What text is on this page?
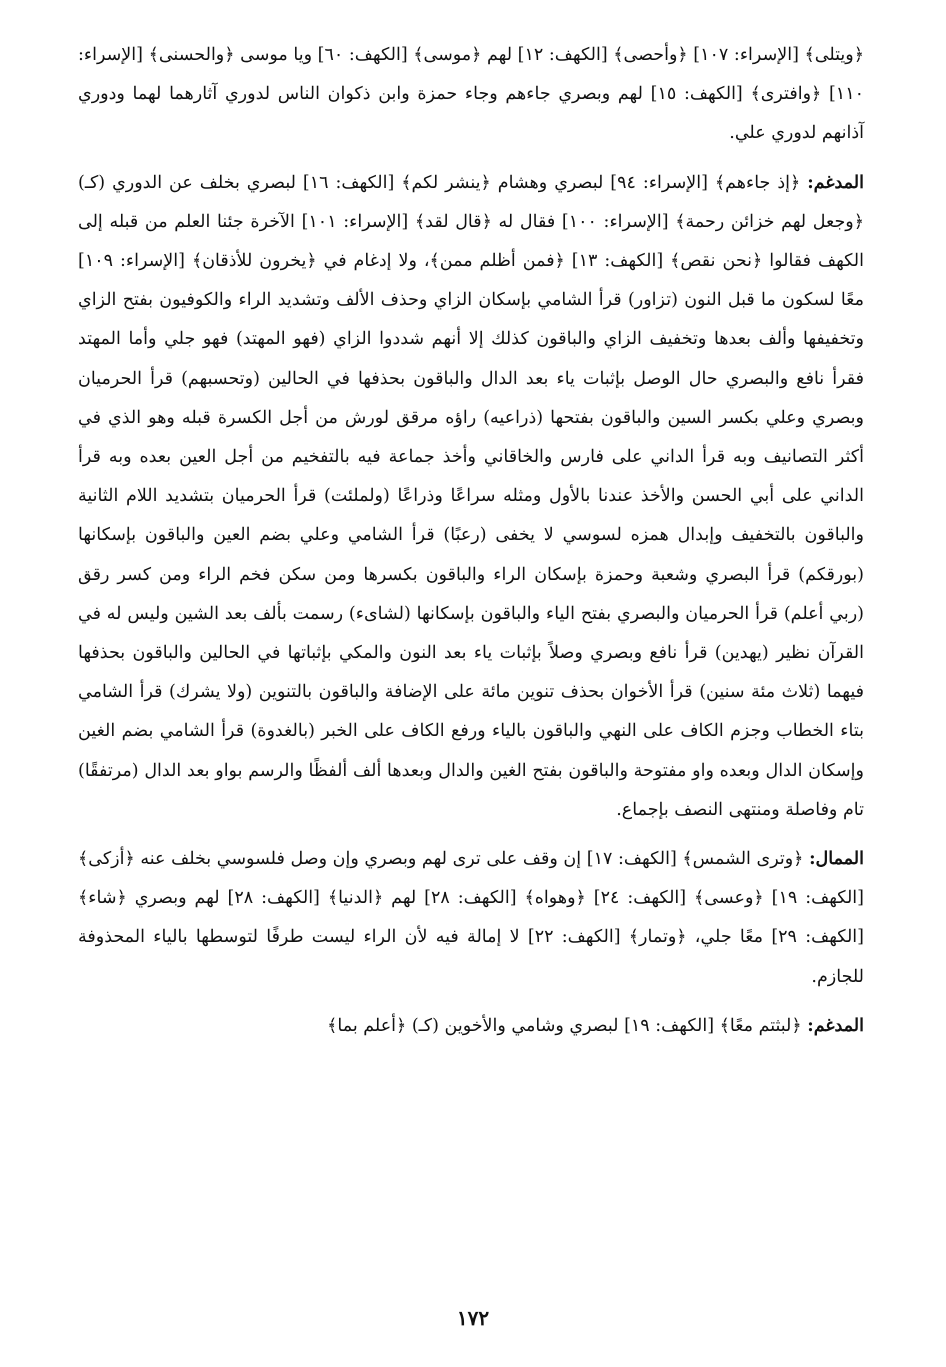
﴿ويتلى﴾ [الإسراء: ١٠٧] ﴿وأحصى﴾ [الكهف: ١٢] لهم ﴿موسى﴾ [الكهف: ٦٠] ويا موسى ﴿والحسنى﴾ [الإسراء: ١١٠] ﴿وافترى﴾ [الكهف: ١٥] لهم وبصري جاءهم وجاء حمزة وابن ذكوان الناس لدوري آثارهما لهما ودوري آذانهم لدوري علي.

المدغم: ﴿إذ جاءهم﴾ [الإسراء: ٩٤] لبصري وهشام ﴿ينشر لكم﴾ [الكهف: ١٦] لبصري بخلف عن الدوري (كـ) ﴿وجعل لهم خزائن رحمة﴾ [الإسراء: ١٠٠] فقال له ﴿قال لقد﴾ [الإسراء: ١٠١] الآخرة جئنا العلم من قبله إلى الكهف فقالوا ﴿نحن نقص﴾ [الكهف: ١٣] ﴿فمن أظلم ممن﴾، ولا إدغام في ﴿يخرون للأذقان﴾ [الإسراء: ١٠٩] معًا لسكون ما قبل النون (تزاور) قرأ الشامي بإسكان الزاي وحذف الألف وتشديد الراء والكوفيون بفتح الزاي وتخفيفها وألف بعدها وتخفيف الزاي والباقون كذلك إلا أنهم شددوا الزاي (فهو المهتد) فهو جلي وأما المهتد فقرأ نافع والبصري حال الوصل بإثبات ياء بعد الدال والباقون بحذفها في الحالين (وتحسبهم) قرأ الحرميان وبصري وعلي بكسر السين والباقون بفتحها (ذراعيه) راؤه مرقق لورش من أجل الكسرة قبله وهو الذي في أكثر التصانيف وبه قرأ الداني على فارس والخاقاني وأخذ جماعة فيه بالتفخيم من أجل العين بعده وبه قرأ الداني على أبي الحسن والأخذ عندنا بالأول ومثله سراعًا وذراعًا (ولملئت) قرأ الحرميان بتشديد اللام الثانية والباقون بالتخفيف وإبدال همزه لسوسي لا يخفى (رعبًا) قرأ الشامي وعلي بضم العين والباقون بإسكانها (بورقكم) قرأ البصري وشعبة وحمزة بإسكان الراء والباقون بكسرها ومن سكن فخم الراء ومن كسر رقق (ربي أعلم) قرأ الحرميان والبصري بفتح الياء والباقون بإسكانها (لشاىء) رسمت بألف بعد الشين وليس له في القرآن نظير (يهدين) قرأ نافع وبصري وصلاً بإثبات ياء بعد النون والمكي بإثباتها في الحالين والباقون بحذفها فيهما (ثلاث مئة سنين) قرأ الأخوان بحذف تنوين مائة على الإضافة والباقون بالتنوين (ولا يشرك) قرأ الشامي بتاء الخطاب وجزم الكاف على النهي والباقون بالياء ورفع الكاف على الخبر (بالغدوة) قرأ الشامي بضم الغين وإسكان الدال وبعده واو مفتوحة والباقون بفتح الغين والدال وبعدها ألف ألفظًا والرسم بواو بعد الدال (مرتفقًا) تام وفاصلة ومنتهى النصف بإجماع.

الممال: ﴿وترى الشمس﴾ [الكهف: ١٧] إن وقف على ترى لهم وبصري وإن وصل فلسوسي بخلف عنه ﴿أزكى﴾ [الكهف: ١٩] ﴿وعسى﴾ [الكهف: ٢٤] ﴿وهواه﴾ [الكهف: ٢٨] لهم ﴿الدنيا﴾ [الكهف: ٢٨] لهم وبصري ﴿شاء﴾ [الكهف: ٢٩] معًا جلي، ﴿وتمار﴾ [الكهف: ٢٢] لا إمالة فيه لأن الراء ليست طرفًا لتوسطها بالياء المحذوفة للجازم.

المدغم: ﴿لبثتم معًا﴾ [الكهف: ١٩] لبصري وشامي والأخوين (كـ) ﴿أعلم بما﴾

١٧٢
